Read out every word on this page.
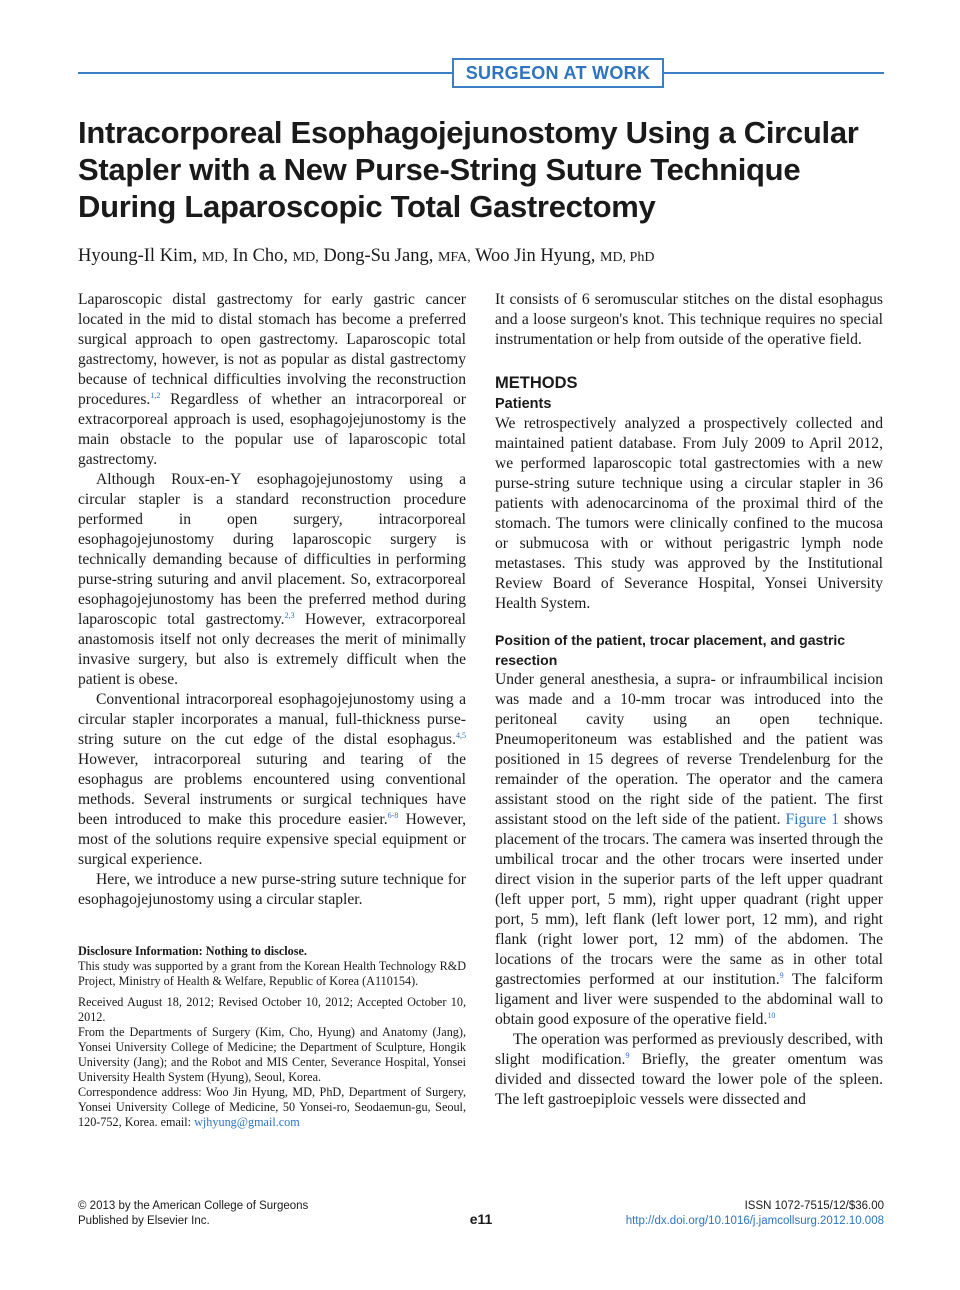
SURGEON AT WORK
Intracorporeal Esophagojejunostomy Using a Circular
Stapler with a New Purse-String Suture Technique
During Laparoscopic Total Gastrectomy
Hyoung-Il Kim, MD, In Cho, MD, Dong-Su Jang, MFA, Woo Jin Hyung, MD, PhD

Laparoscopic distal gastrectomy for early gastric cancer located in the mid to distal stomach has become a preferred surgical approach to open gastrectomy. Laparoscopic total gastrectomy, however, is not as popular as distal gastrectomy because of technical difficulties involving the reconstruction procedures.$^{1,2}$ Regardless of whether an intracorporeal or extracorporeal approach is used, esophagojejunostomy is the main obstacle to the popular use of laparoscopic total gastrectomy.

Although Roux-en-Y esophagojejunostomy using a circular stapler is a standard reconstruction procedure performed in open surgery, intracorporeal esophagojejunostomy during laparoscopic surgery is technically demanding because of difficulties in performing purse-string suturing and anvil placement. So, extracorporeal esophagojejunostomy has been the preferred method during laparoscopic total gastrectomy.$^{2,3}$ However, extracorporeal anastomosis itself not only decreases the merit of minimally invasive surgery, but also is extremely difficult when the patient is obese.

Conventional intracorporeal esophagojejunostomy using a circular stapler incorporates a manual, full-thickness purse-string suture on the cut edge of the distal esophagus.$^{4,5}$ However, intracorporeal suturing and tearing of the esophagus are problems encountered using conventional methods. Several instruments or surgical techniques have been introduced to make this procedure easier.$^{6-8}$ However, most of the solutions require expensive special equipment or surgical experience.

Here, we introduce a new purse-string suture technique for esophagojejunostomy using a circular stapler.

Disclosure Information: Nothing to disclose.

This study was supported by a grant from the Korean Health Technology R&D Project, Ministry of Health & Welfare, Republic of Korea (A110154).

Received August 18, 2012; Revised October 10, 2012; Accepted October 10, 2012.

From the Departments of Surgery (Kim, Cho, Hyung) and Anatomy (Jang), Yonsei University College of Medicine; the Department of Sculpture, Hongik University (Jang); and the Robot and MIS Center, Severance Hospital, Yonsei University Health System (Hyung), Seoul, Korea.

Correspondence address: Woo Jin Hyung, MD, PhD, Department of Surgery, Yonsei University College of Medicine, 50 Yonsei-ro, Seodaemun-gu, Seoul, 120-752, Korea. email: wjhyung@gmail.com

It consists of 6 seromuscular stitches on the distal esophagus and a loose surgeon's knot. This technique requires no special instrumentation or help from outside of the operative field.

METHODS
Patients

We retrospectively analyzed a prospectively collected and maintained patient database. From July 2009 to April 2012, we performed laparoscopic total gastrectomies with a new purse-string suture technique using a circular stapler in 36 patients with adenocarcinoma of the proximal third of the stomach. The tumors were clinically confined to the mucosa or submucosa with or without perigastric lymph node metastases. This study was approved by the Institutional Review Board of Severance Hospital, Yonsei University Health System.

Position of the patient, trocar placement, and gastric resection

Under general anesthesia, a supra- or infraumbilical incision was made and a 10-mm trocar was introduced into the peritoneal cavity using an open technique. Pneumoperitoneum was established and the patient was positioned in 15 degrees of reverse Trendelenburg for the remainder of the operation. The operator and the camera assistant stood on the right side of the patient. The first assistant stood on the left side of the patient. Figure 1 shows placement of the trocars. The camera was inserted through the umbilical trocar and the other trocars were inserted under direct vision in the superior parts of the left upper quadrant (left upper port, 5 mm), right upper quadrant (right upper port, 5 mm), left flank (left lower port, 12 mm), and right flank (right lower port, 12 mm) of the abdomen. The locations of the trocars were the same as in other total gastrectomies performed at our institution.$^9$ The falciform ligament and liver were suspended to the abdominal wall to obtain good exposure of the operative field.$^{10}$

The operation was performed as previously described, with slight modification.$^9$ Briefly, the greater omentum was divided and dissected toward the lower pole of the spleen. The left gastroepiploic vessels were dissected and

© 2013 by the American College of Surgeons
Published by Elsevier Inc.	e11
ISSN 1072-7515/12/$36.00
http://dx.doi.org/10.1016/j.jamcollsurg.2012.10.008
